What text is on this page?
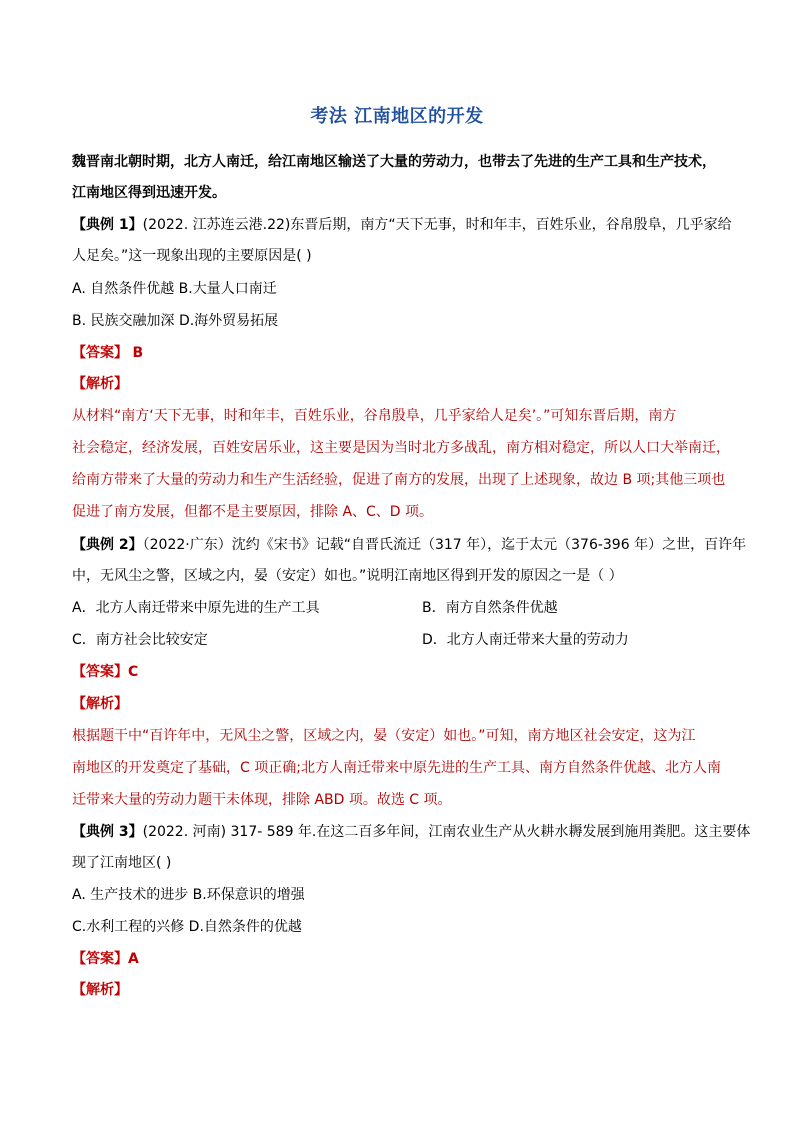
考法 江南地区的开发
魏晋南北朝时期，北方人南迁，给江南地区输送了大量的劳动力，也带去了先进的生产工具和生产技术，
江南地区得到迅速开发。
【典例 1】(2022. 江苏连云港.22)东晋后期，南方“天下无事，时和年丰，百姓乐业，谷帛殷阜，几乎家给
人足矣。”这一现象出现的主要原因是( )
A. 自然条件优越 B.大量人口南迁
B. 民族交融加深 D.海外贸易拓展
【答案】 B
【解析】
从材料“南方‘天下无事，时和年丰，百姓乐业，谷帛殷阜，几乎家给人足矣’。”可知东晋后期，南方
社会稳定，经济发展，百姓安居乐业，这主要是因为当时北方多战乱，南方相对稳定，所以人口大举南迁，
给南方带来了大量的劳动力和生产生活经验，促进了南方的发展，出现了上述现象，故边 B 项;其他三项也
促进了南方发展，但都不是主要原因，排除 A、C、D 项。
【典例 2】（2022·广东）沈约《宋书》记载“自晋氏流迁（317 年），迄于太元（376-396 年）之世，百许年
中，无风尘之警，区域之内，晏（安定）如也。”说明江南地区得到开发的原因之一是（ ）
A．北方人南迁带来中原先进的生产工具	B．南方自然条件优越
C．南方社会比较安定	D．北方人南迁带来大量的劳动力
【答案】C
【解析】
根据题干中“百许年中，无风尘之警，区域之内，晏（安定）如也。”可知，南方地区社会安定，这为江
南地区的开发奠定了基础，C 项正确;北方人南迁带来中原先进的生产工具、南方自然条件优越、北方人南
迁带来大量的劳动力题干未体现，排除 ABD 项。故选 C 项。
【典例 3】(2022. 河南) 317- 589 年.在这二百多年间，江南农业生产从火耕水耨发展到施用粪肥。这主要体
现了江南地区( )
A. 生产技术的进步 B.环保意识的增强
C.水利工程的兴修 D.自然条件的优越
【答案】A
【解析】
